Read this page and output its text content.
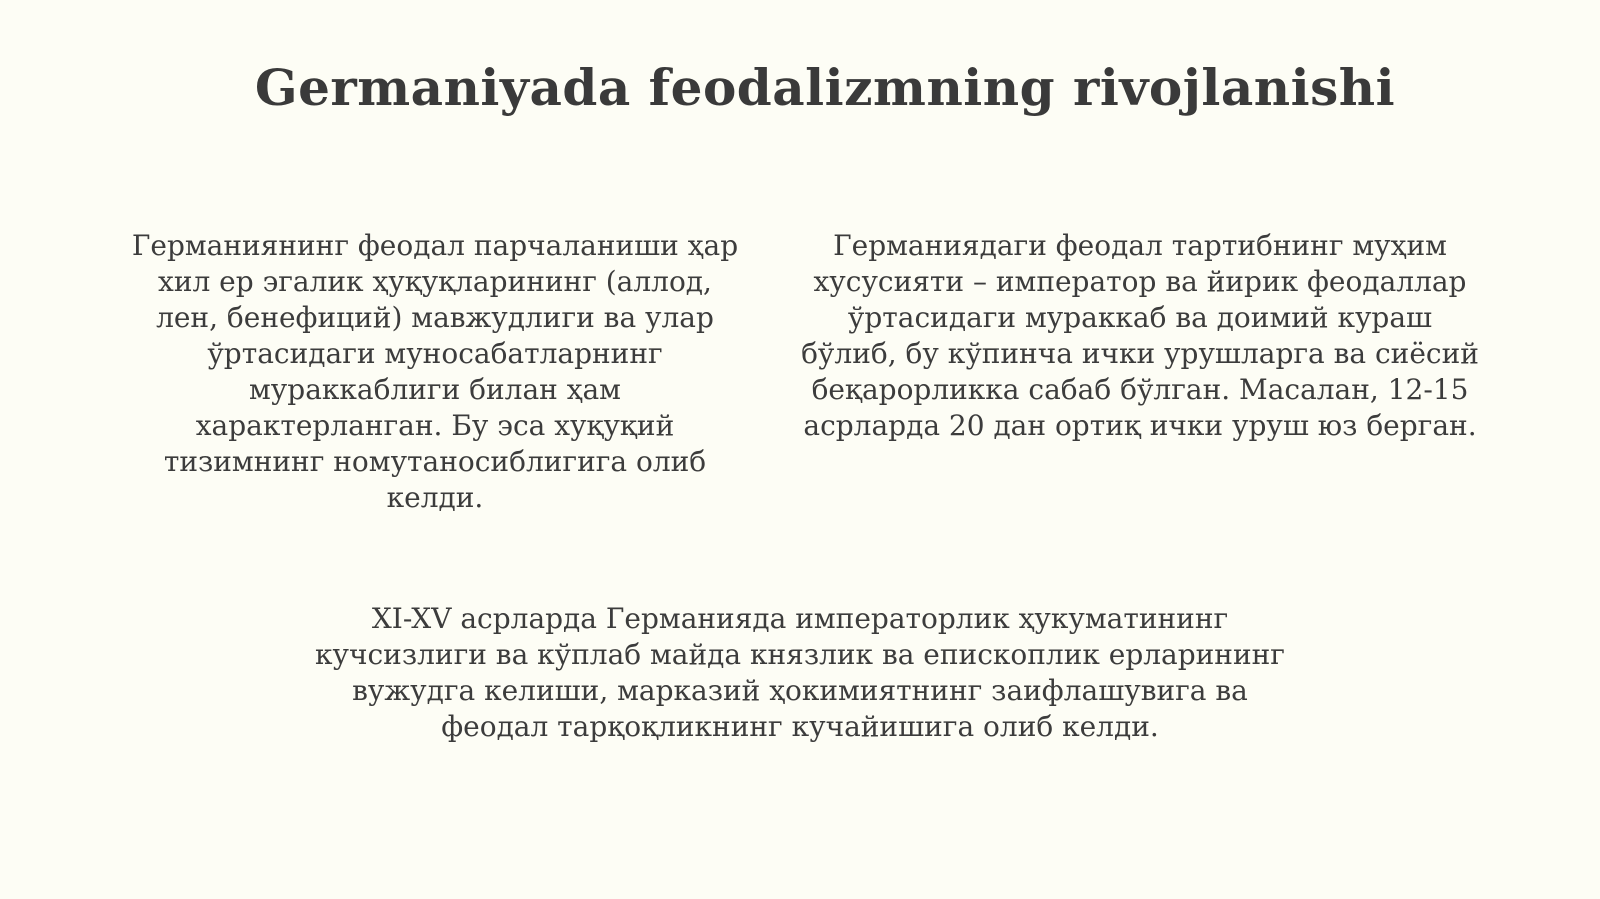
Germaniyada feodalizmning rivojlanishi

Германиянинг феодал парчаланиши ҳар
хил ер эгалик ҳуқуқларининг (аллод,
лен, бенефиций) мавжудлиги ва улар
ўртасидаги муносабатларнинг
мураккаблиги билан ҳам
характерланган. Бу эса хуқуқий
тизимнинг номутаносиблигига олиб
келди.

Германиядаги феодал тартибнинг муҳим
хусусияти – император ва йирик феодаллар
ўртасидаги мураккаб ва доимий кураш
бўлиб, бу кўпинча ички урушларга ва сиёсий
беқарорликка сабаб бўлган. Масалан, 12-15
асрларда 20 дан ортиқ ички уруш юз берган.

XI-XV асрларда Германияда императорлик ҳукуматининг
кучсизлиги ва кўплаб майда князлик ва епископлик ерларининг
вужудга келиши, марказий ҳокимиятнинг заифлашувига ва
феодал тарқоқликнинг кучайишига олиб келди.
